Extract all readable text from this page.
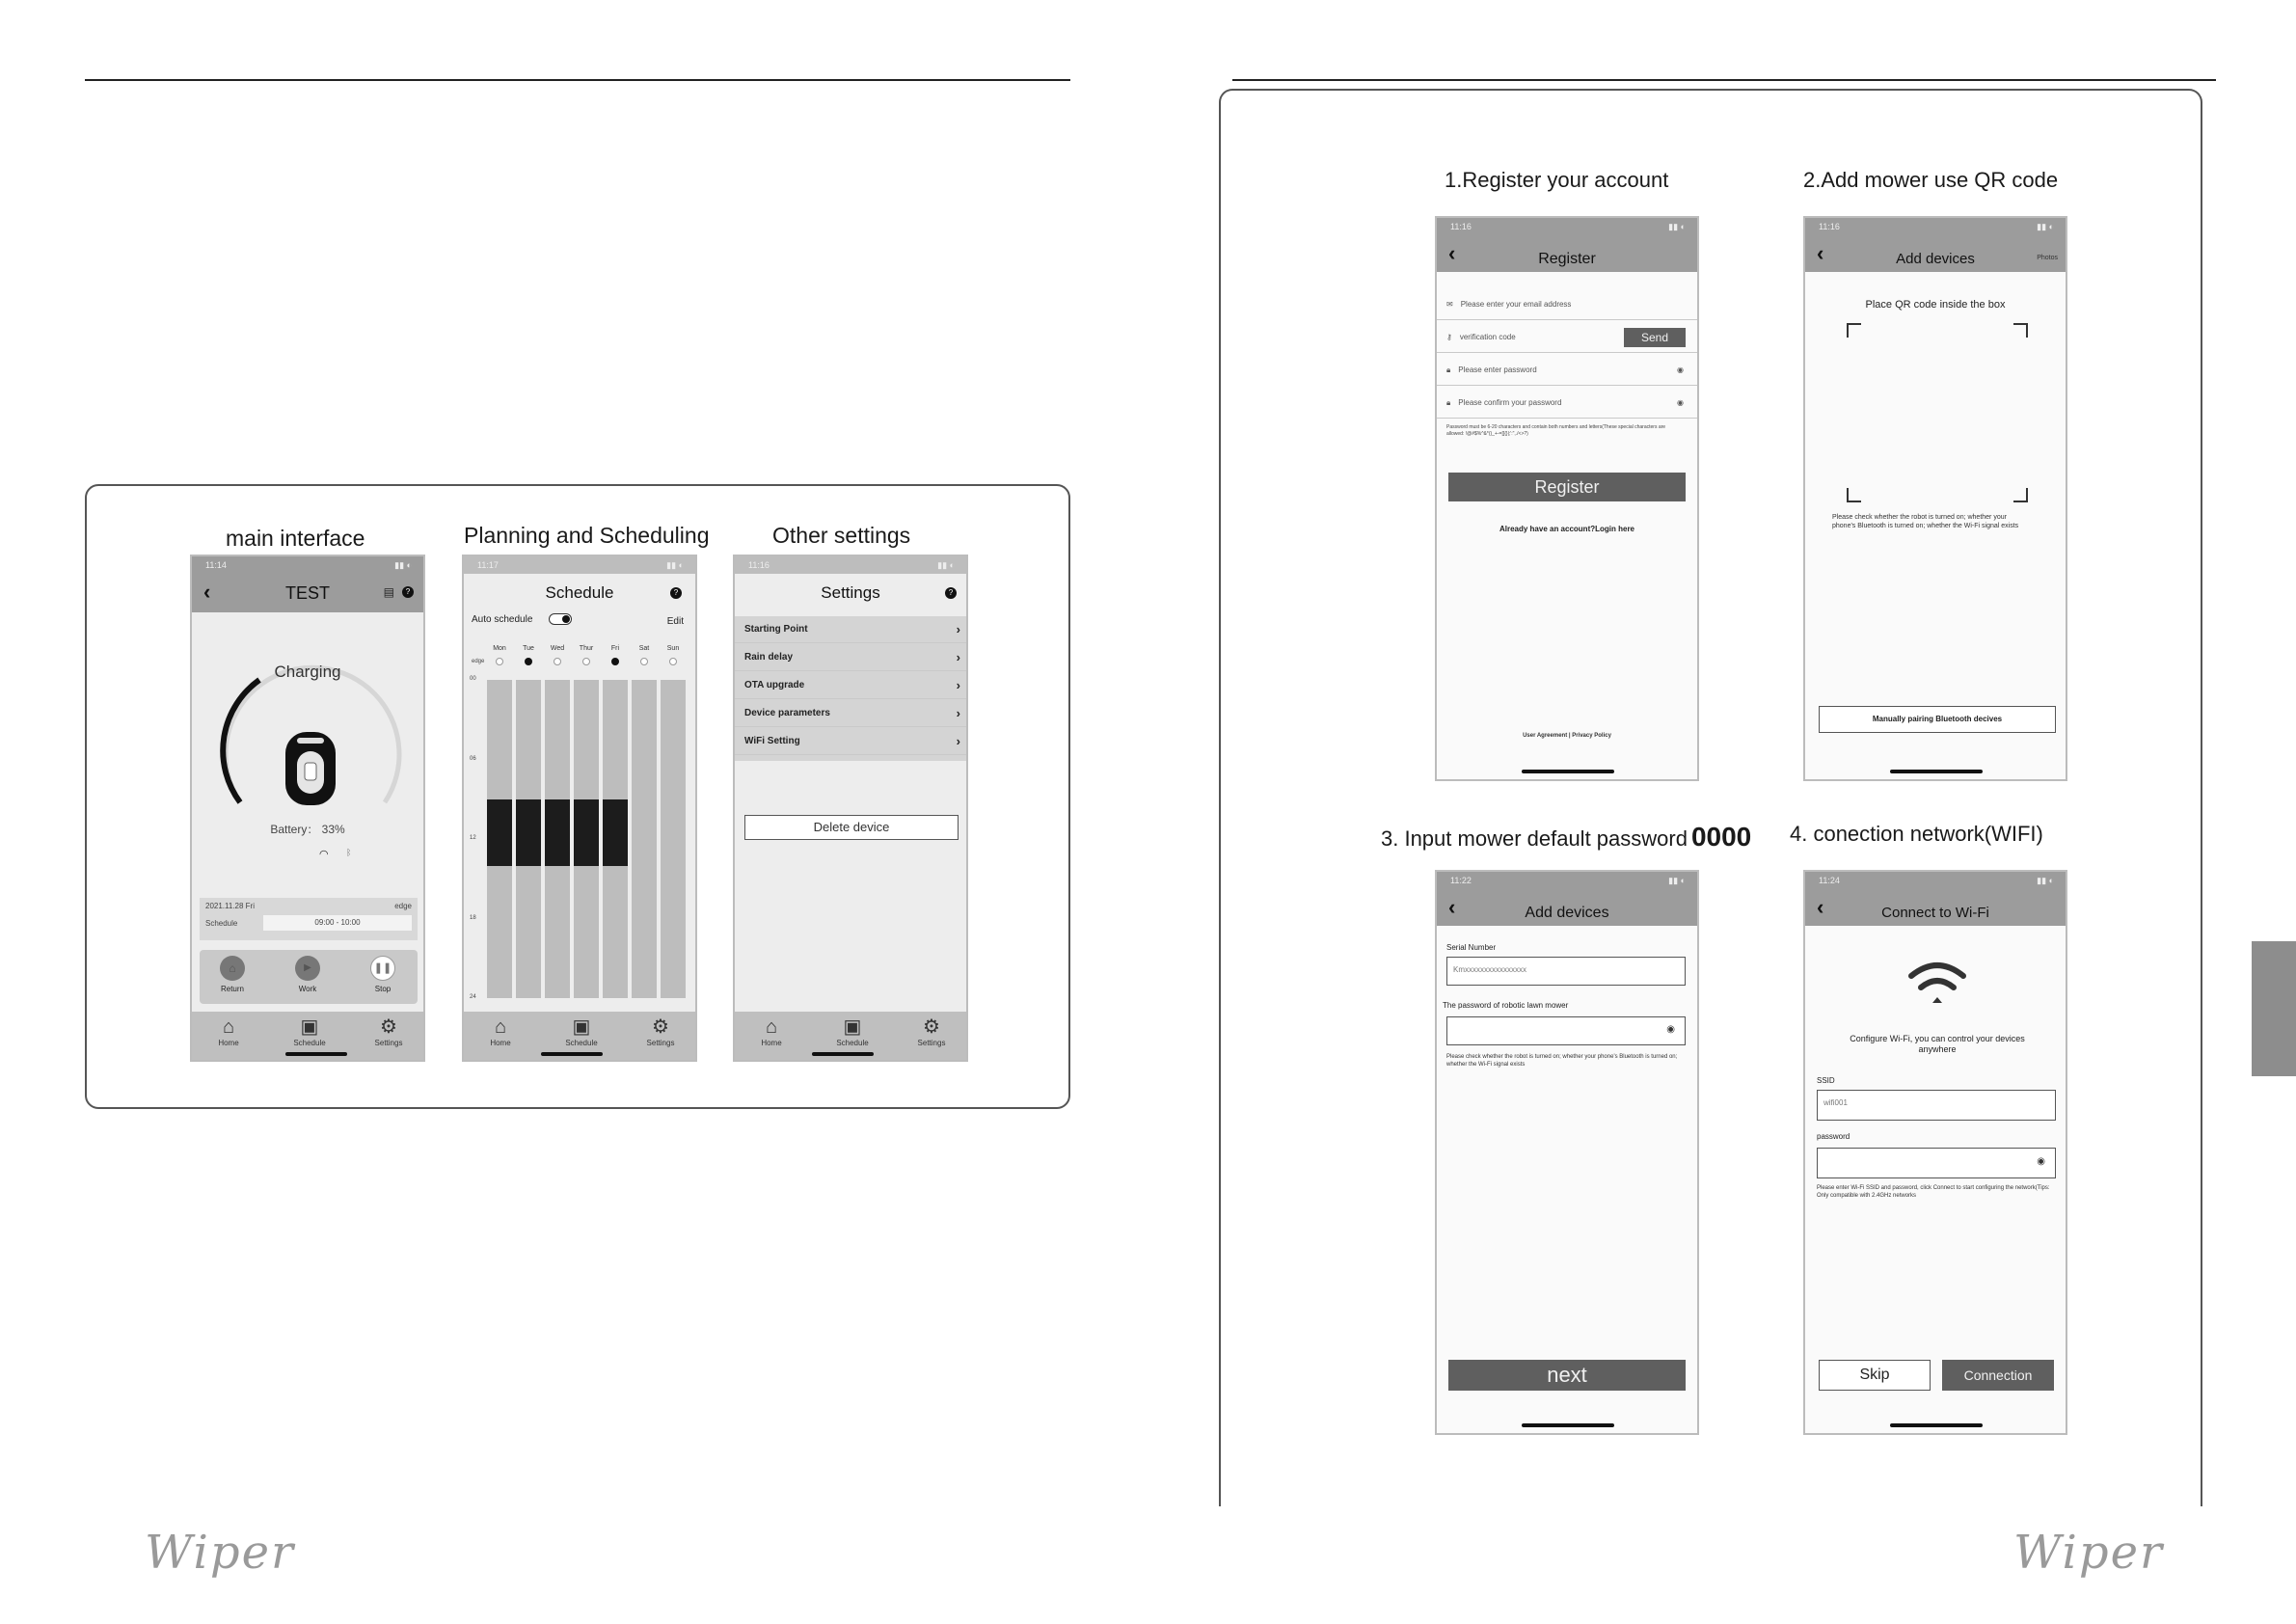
main interface	Planning and Scheduling	Other settings
11:14	▮▮ ◐
‹	TEST	▤	?
Charging
Battery： 33%
◠ ᛒ
2021.11.28 Fri	edge
Schedule	09:00 - 10:00
⌂
Return
▶
Work
❚❚
Stop
⌂
Home
▣
Schedule
⚙
Settings
11:17	▮▮ ◐
Schedule	?
Auto schedule	Edit
edge
Mon	Tue	Wed	Thur	Fri	Sat	Sun
00
06
12
18
24
⌂
Home
▣
Schedule
⚙
Settings
11:16	▮▮ ◐
Settings	?
Starting Point	›
Rain delay	›
OTA upgrade	›
Device parameters	›
WiFi Setting	›
Delete device
⌂
Home
▣
Schedule
⚙
Settings
1.Register your account	2.Add mower use QR code
3. Input mower default password 0000 4. conection network(WIFI)
11:16	▮▮ ◐
‹	Register
✉ Please enter your email address
⚷ verification code	Send
🔒︎ Please enter password	◉
🔒︎ Please confirm your password	◉
Password must be 6-20 characters and contain both numbers and letters(These special characters are allowed: !@#$%^&*()_+-=[]{}|;':",./<>?)
Register
Already have an account?Login here
User Agreement | Privacy Policy
11:16	▮▮ ◐
‹	Add devices	Photos
Place QR code inside the box
Please check whether the robot is turned on; whether your phone's Bluetooth is turned on; whether the Wi-Fi signal exists
Manually pairing Bluetooth decives
11:22	▮▮ ◐
‹	Add devices
Serial Number
Kmxxxxxxxxxxxxxxxx
The password of robotic lawn mower
◉
Please check whether the robot is turned on; whether your phone's Bluetooth is turned on; whether the Wi-Fi signal exists
next
11:24	▮▮ ◐
‹	Connect to Wi-Fi
Configure Wi-Fi, you can control your devices anywhere
SSID
wifi001
password
◉
Please enter Wi-Fi SSID and password, click Connect to start configuring the network(Tips: Only compatible with 2.4GHz networks
Skip	Connection
Wiper	Wiper
